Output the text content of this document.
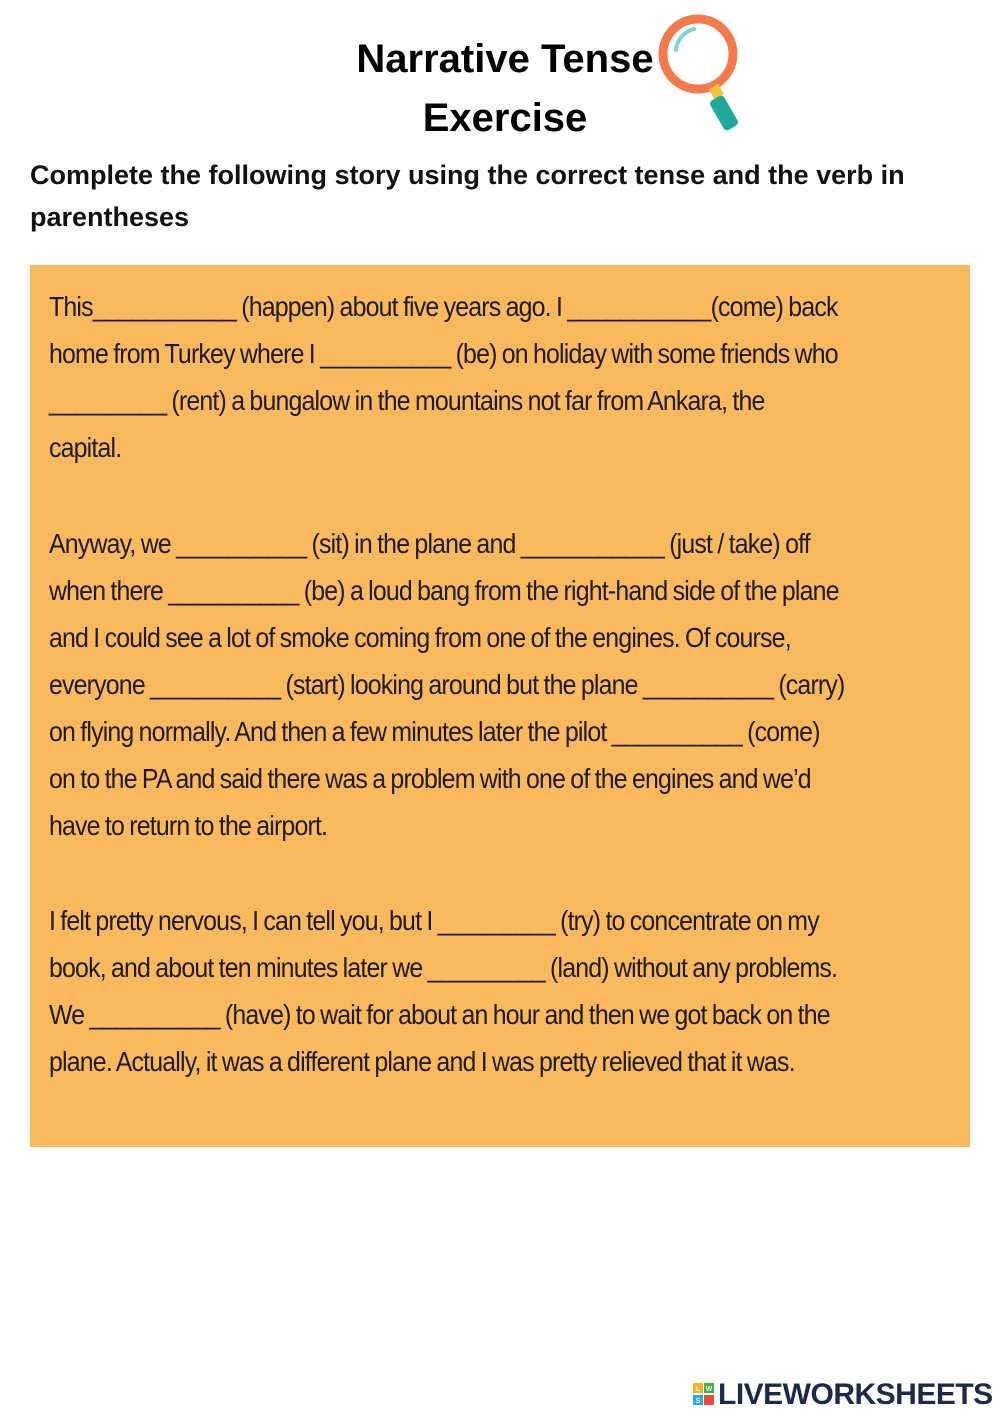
Narrative Tense
Exercise
Complete the following story using the correct tense and the verb in parentheses
This___________ (happen) about five years ago. I ___________(come) back
home from Turkey where I __________ (be) on holiday with some friends who
_________ (rent) a bungalow in the mountains not far from Ankara, the
capital.
Anyway, we __________ (sit) in the plane and ___________ (just / take) off
when there __________ (be) a loud bang from the right-hand side of the plane
and I could see a lot of smoke coming from one of the engines. Of course,
everyone __________ (start) looking around but the plane __________ (carry)
on flying normally. And then a few minutes later the pilot __________ (come)
on to the PA and said there was a problem with one of the engines and we’d
have to return to the airport.
I felt pretty nervous, I can tell you, but I _________ (try) to concentrate on my
book, and about ten minutes later we _________ (land) without any problems.
We __________ (have) to wait for about an hour and then we got back on the
plane. Actually, it was a different plane and I was pretty relieved that it was.
L W
S LIVEWORKSHEETS
